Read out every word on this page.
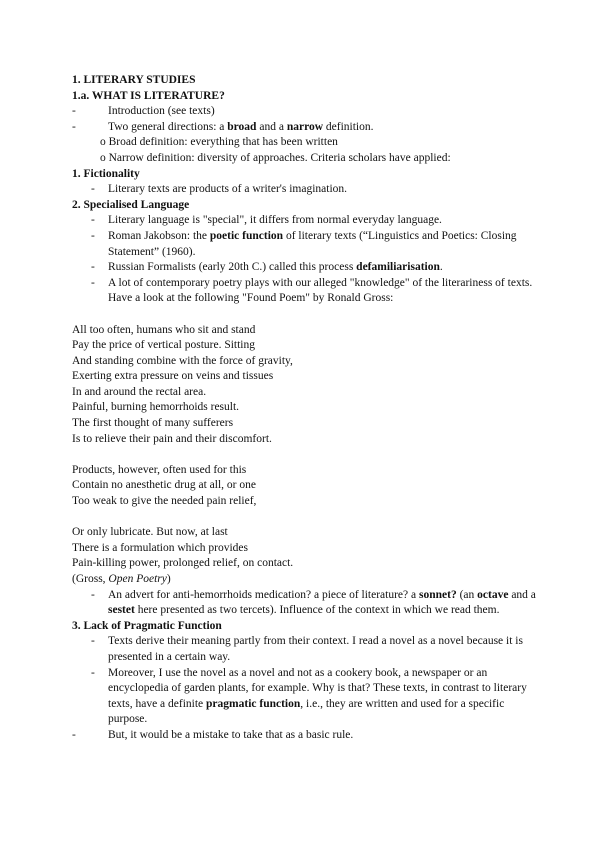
1. LITERARY STUDIES
1.a. WHAT IS LITERATURE?
-	Introduction (see texts)
-	Two general directions: a broad and a narrow definition.
o Broad definition: everything that has been written
o Narrow definition: diversity of approaches. Criteria scholars have applied:
1. Fictionality
- Literary texts are products of a writer's imagination.
2. Specialised Language
- Literary language is "special", it differs from normal everyday language.
- Roman Jakobson: the poetic function of literary texts (“Linguistics and Poetics: Closing Statement” (1960).
- Russian Formalists (early 20th C.) called this process defamiliarisation.
- A lot of contemporary poetry plays with our alleged "knowledge" of the literariness of texts. Have a look at the following "Found Poem" by Ronald Gross:
All too often, humans who sit and stand
Pay the price of vertical posture. Sitting
And standing combine with the force of gravity,
Exerting extra pressure on veins and tissues
In and around the rectal area.
Painful, burning hemorrhoids result.
The first thought of many sufferers
Is to relieve their pain and their discomfort.
Products, however, often used for this
Contain no anesthetic drug at all, or one
Too weak to give the needed pain relief,
Or only lubricate. But now, at last
There is a formulation which provides
Pain-killing power, prolonged relief, on contact.
(Gross, Open Poetry)
- An advert for anti-hemorrhoids medication? a piece of literature? a sonnet? (an octave and a sestet here presented as two tercets). Influence of the context in which we read them.
3. Lack of Pragmatic Function
- Texts derive their meaning partly from their context. I read a novel as a novel because it is presented in a certain way.
- Moreover, I use the novel as a novel and not as a cookery book, a newspaper or an encyclopedia of garden plants, for example. Why is that? These texts, in contrast to literary texts, have a definite pragmatic function, i.e., they are written and used for a specific purpose.
-	But, it would be a mistake to take that as a basic rule.
